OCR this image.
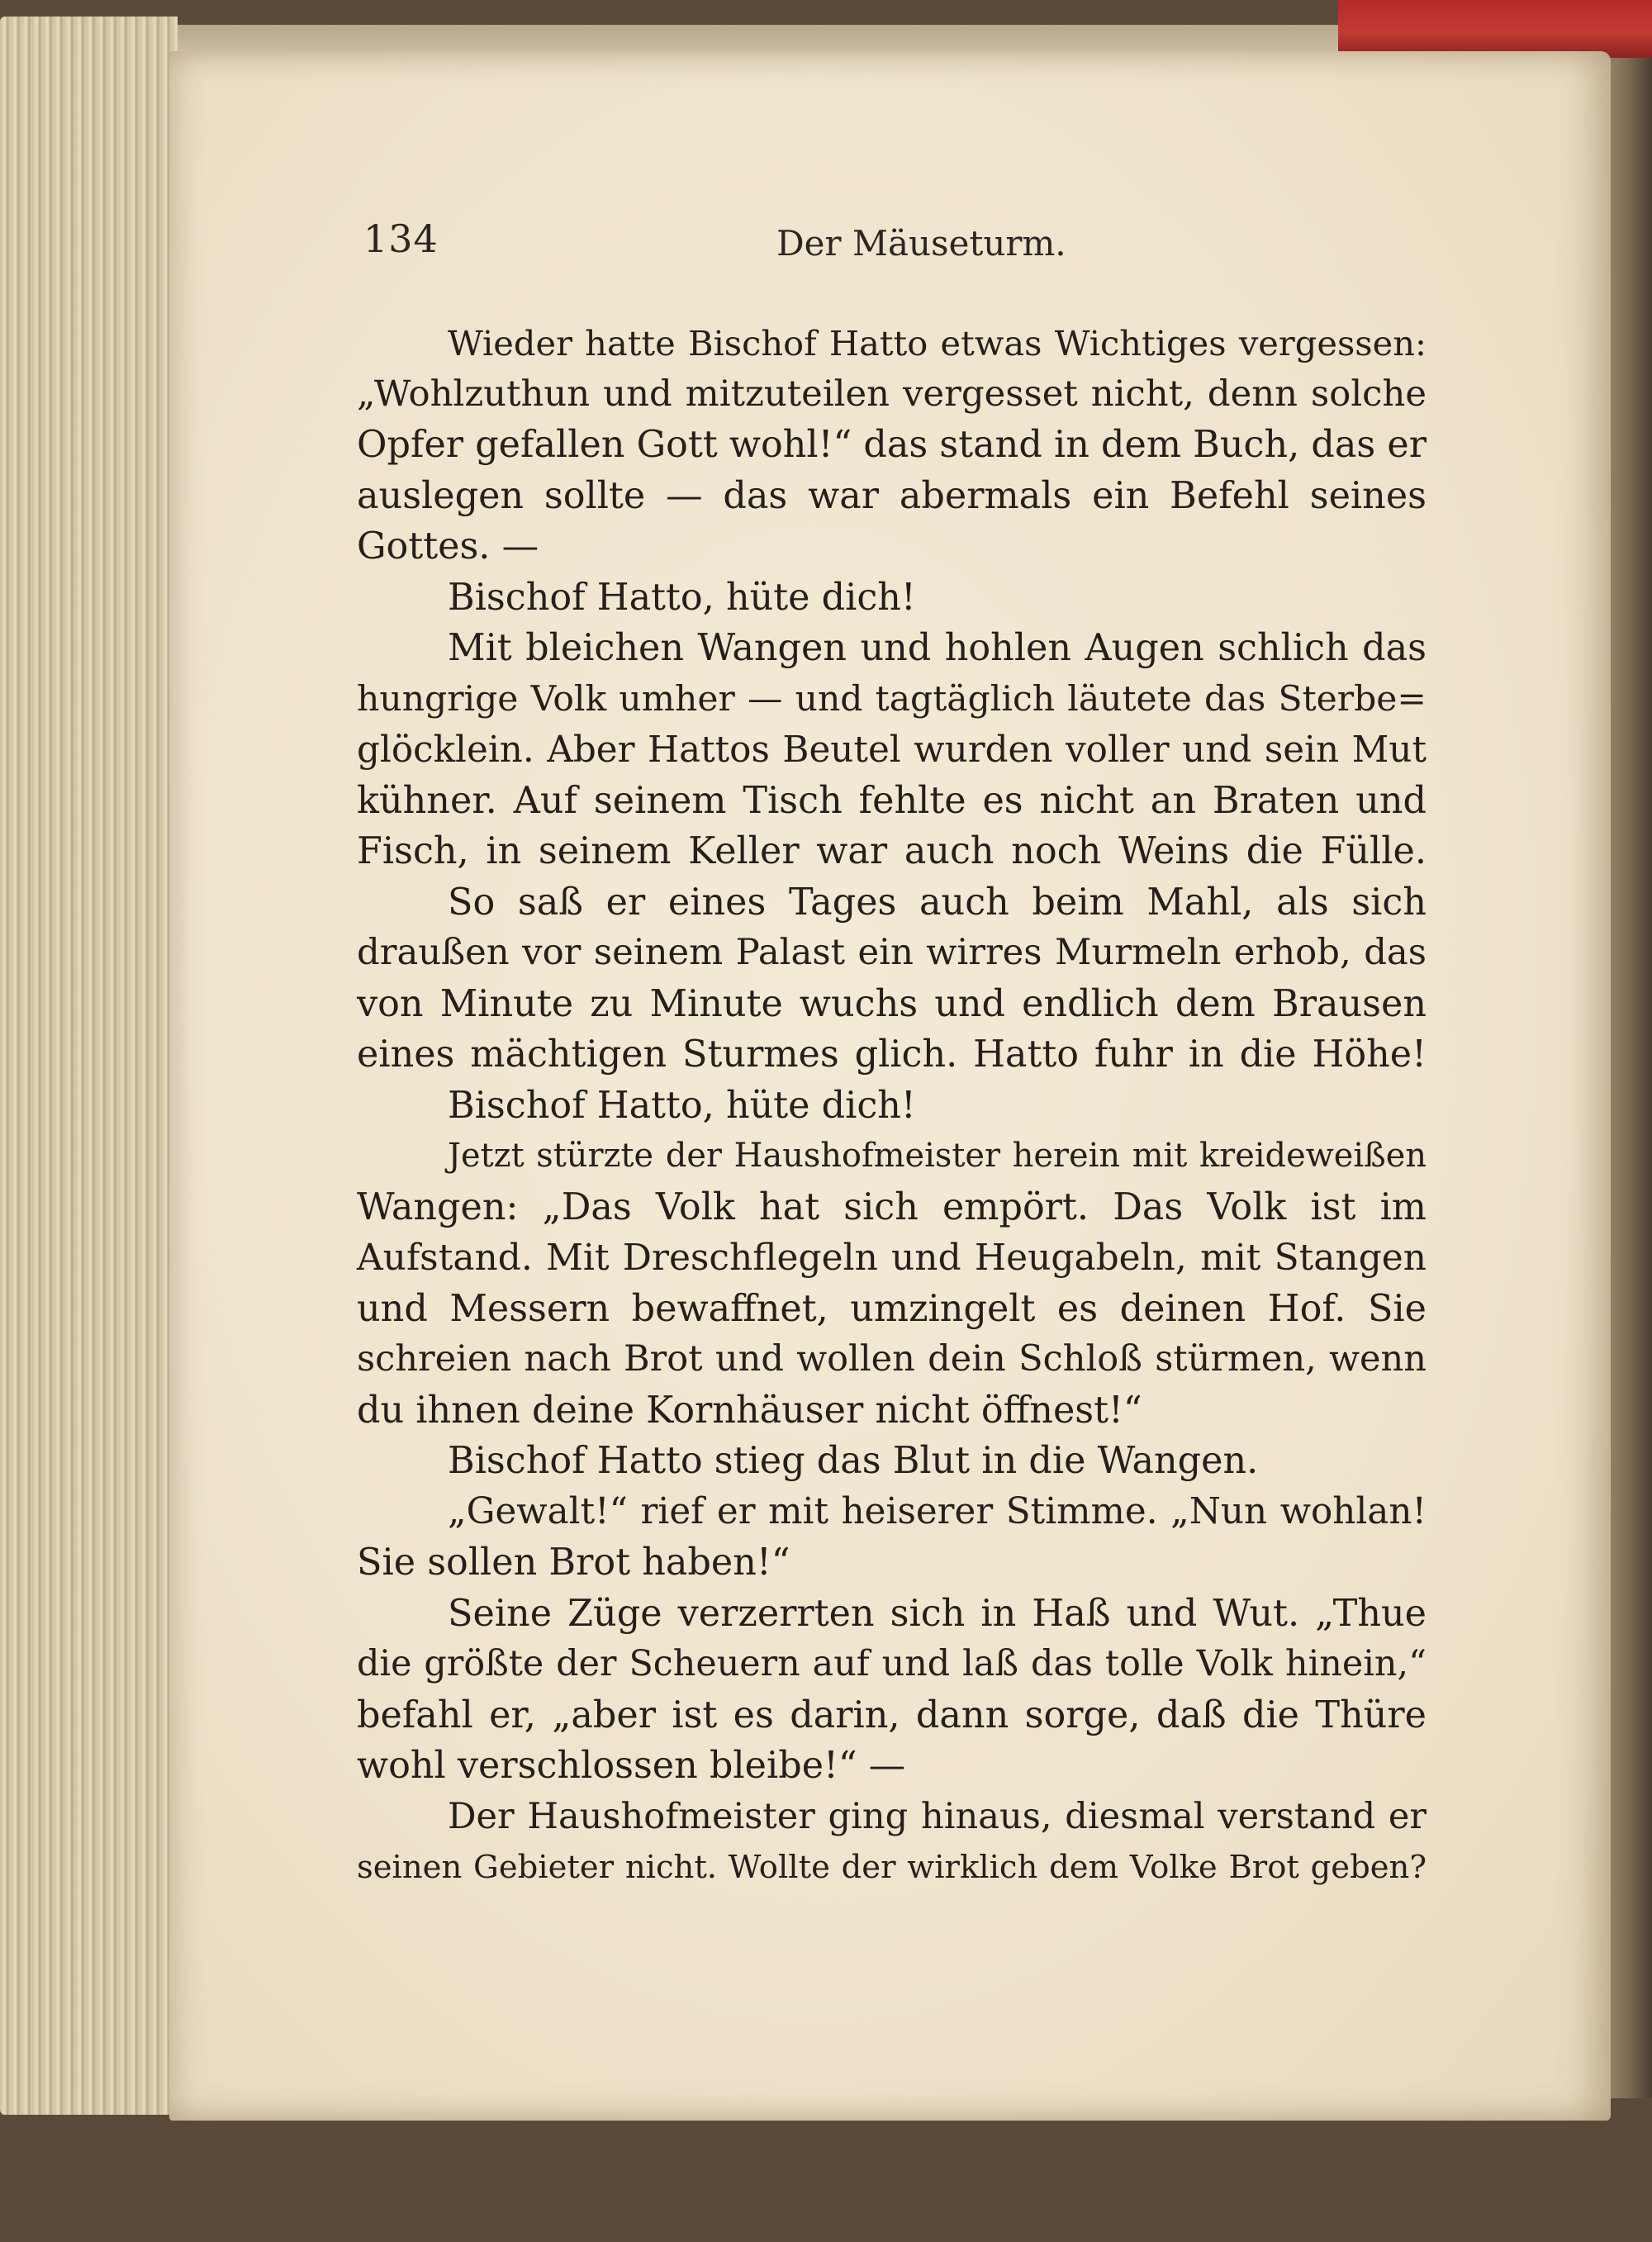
134	Der Mäuseturm.
Wieder hatte Bischof Hatto etwas Wichtiges vergessen:
„Wohlzuthun und mitzuteilen vergesset nicht, denn solche
Opfer gefallen Gott wohl!“ das stand in dem Buch, das er
auslegen sollte — das war abermals ein Befehl seines
Gottes. —
Bischof Hatto, hüte dich!
Mit bleichen Wangen und hohlen Augen schlich das
hungrige Volk umher — und tagtäglich läutete das Sterbe=
glöcklein. Aber Hattos Beutel wurden voller und sein Mut
kühner. Auf seinem Tisch fehlte es nicht an Braten und
Fisch, in seinem Keller war auch noch Weins die Fülle.
So saß er eines Tages auch beim Mahl, als sich
draußen vor seinem Palast ein wirres Murmeln erhob, das
von Minute zu Minute wuchs und endlich dem Brausen
eines mächtigen Sturmes glich. Hatto fuhr in die Höhe!
Bischof Hatto, hüte dich!
Jetzt stürzte der Haushofmeister herein mit kreideweißen
Wangen: „Das Volk hat sich empört. Das Volk ist im
Aufstand. Mit Dreschflegeln und Heugabeln, mit Stangen
und Messern bewaffnet, umzingelt es deinen Hof. Sie
schreien nach Brot und wollen dein Schloß stürmen, wenn
du ihnen deine Kornhäuser nicht öffnest!“
Bischof Hatto stieg das Blut in die Wangen.
„Gewalt!“ rief er mit heiserer Stimme. „Nun wohlan!
Sie sollen Brot haben!“
Seine Züge verzerrten sich in Haß und Wut. „Thue
die größte der Scheuern auf und laß das tolle Volk hinein,“
befahl er, „aber ist es darin, dann sorge, daß die Thüre
wohl verschlossen bleibe!“ —
Der Haushofmeister ging hinaus, diesmal verstand er
seinen Gebieter nicht. Wollte der wirklich dem Volke Brot geben?
